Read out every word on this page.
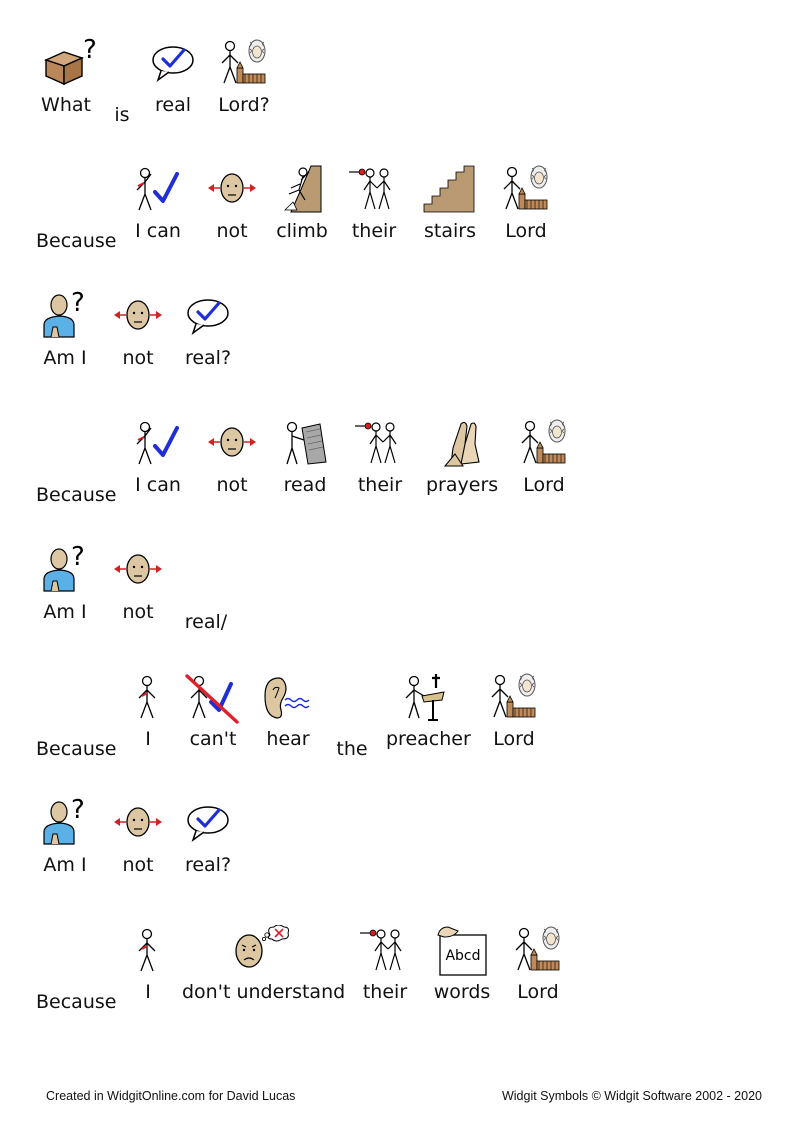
What	is	real	Lord?
Because I can	not	climb	their	stairs	Lord
Am I	not	real?
Because I can	not	read	their	prayers	Lord
Am I	not	real/
Because	I	can't	hear	the preacher	Lord
Am I	not	real?
Because	I	don't understand their	words	Lord
Created in WidgitOnline.com for David Lucas	Widgit Symbols © Widgit Software 2002 - 2020
